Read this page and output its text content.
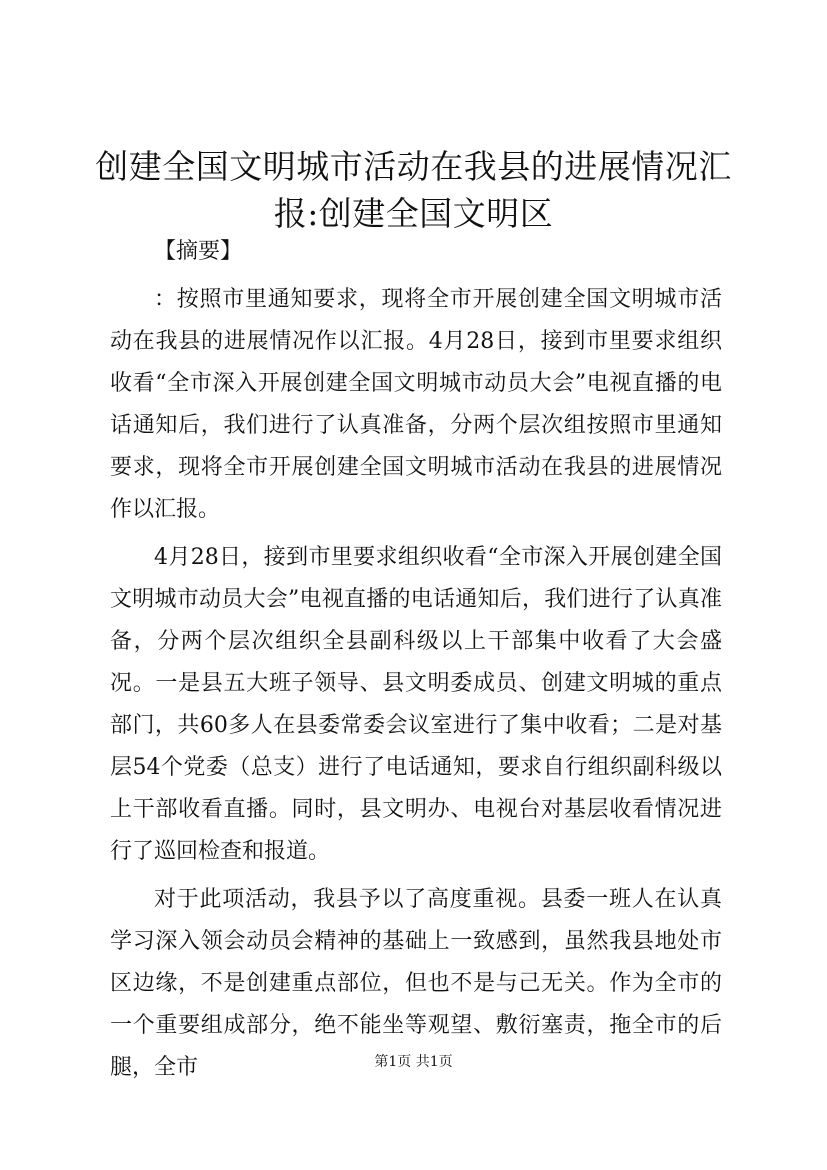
创建全国文明城市活动在我县的进展情况汇
报:创建全国文明区

【摘要】

：按照市里通知要求，现将全市开展创建全国文明城市活动在我县的进展情况作以汇报。4月28日，接到市里要求组织收看“全市深入开展创建全国文明城市动员大会”电视直播的电话通知后，我们进行了认真准备，分两个层次组按照市里通知要求，现将全市开展创建全国文明城市活动在我县的进展情况作以汇报。

4月28日，接到市里要求组织收看“全市深入开展创建全国文明城市动员大会”电视直播的电话通知后，我们进行了认真准备，分两个层次组织全县副科级以上干部集中收看了大会盛况。一是县五大班子领导、县文明委成员、创建文明城的重点部门，共60多人在县委常委会议室进行了集中收看；二是对基层54个党委（总支）进行了电话通知，要求自行组织副科级以上干部收看直播。同时，县文明办、电视台对基层收看情况进行了巡回检查和报道。

对于此项活动，我县予以了高度重视。县委一班人在认真学习深入领会动员会精神的基础上一致感到，虽然我县地处市区边缘，不是创建重点部位，但也不是与己无关。作为全市的一个重要组成部分，绝不能坐等观望、敷衍塞责，拖全市的后腿，全市	第1页 共1页
